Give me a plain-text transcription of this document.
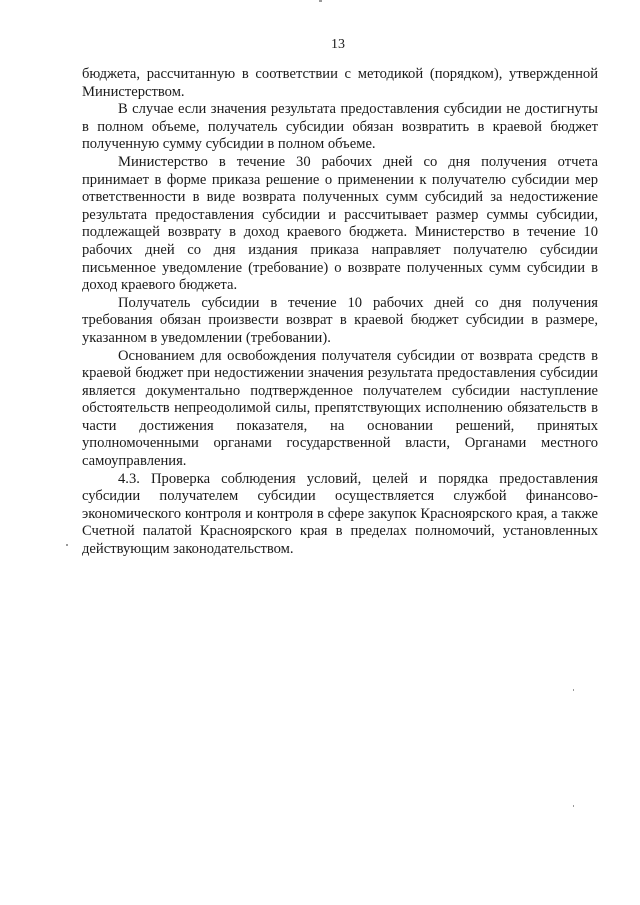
13

бюджета, рассчитанную в соответствии с методикой (порядком), утвержденной Министерством.

В случае если значения результата предоставления субсидии не достигнуты в полном объеме, получатель субсидии обязан возвратить в краевой бюджет полученную сумму субсидии в полном объеме.

Министерство в течение 30 рабочих дней со дня получения отчета принимает в форме приказа решение о применении к получателю субсидии мер ответственности в виде возврата полученных сумм субсидий за недостижение результата предоставления субсидии и рассчитывает размер суммы субсидии, подлежащей возврату в доход краевого бюджета. Министерство в течение 10 рабочих дней со дня издания приказа направляет получателю субсидии письменное уведомление (требование) о возврате полученных сумм субсидии в доход краевого бюджета.

Получатель субсидии в течение 10 рабочих дней со дня получения требования обязан произвести возврат в краевой бюджет субсидии в размере, указанном в уведомлении (требовании).

Основанием для освобождения получателя субсидии от возврата средств в краевой бюджет при недостижении значения результата предоставления субсидии является документально подтвержденное получателем субсидии наступление обстоятельств непреодолимой силы, препятствующих исполнению обязательств в части достижения показателя, на основании решений, принятых уполномоченными органами государственной власти, Органами местного самоуправления.

4.3. Проверка соблюдения условий, целей и порядка предоставления субсидии получателем субсидии осуществляется службой финансово-экономического контроля и контроля в сфере закупок Красноярского края, а также Счетной палатой Красноярского края в пределах полномочий, установленных действующим законодательством.
